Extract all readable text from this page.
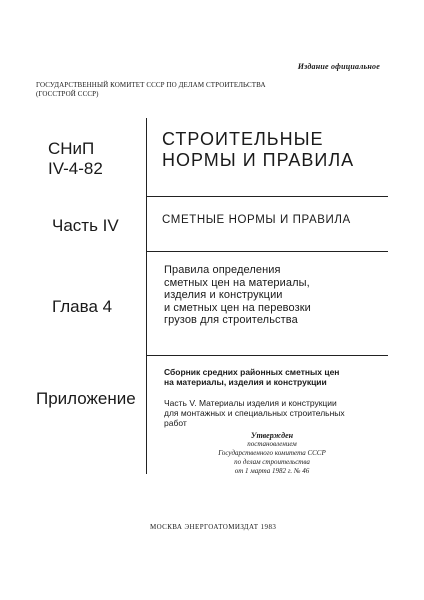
Издание официальное
ГОСУДАРСТВЕННЫЙ КОМИТЕТ СССР ПО ДЕЛАМ СТРОИТЕЛЬСТВА
(ГОССТРОЙ СССР)
СНиП
IV-4-82
СТРОИТЕЛЬНЫЕ
НОРМЫ И ПРАВИЛА
Часть IV	СМЕТНЫЕ НОРМЫ И ПРАВИЛА
Глава 4
Правила определения
сметных цен на материалы,
изделия и конструкции
и сметных цен на перевозки
грузов для строительства
Приложение
Сборник средних районных сметных цен
на материалы, изделия и конструкции
Часть V. Материалы изделия и конструкции
для монтажных и специальных строительных
работ
Утвержден
постановлением
Государственного комитета СССР
по делам строительства
от 1 марта 1982 г. № 46
МОСКВА ЭНЕРГОАТОМИЗДАТ 1983
